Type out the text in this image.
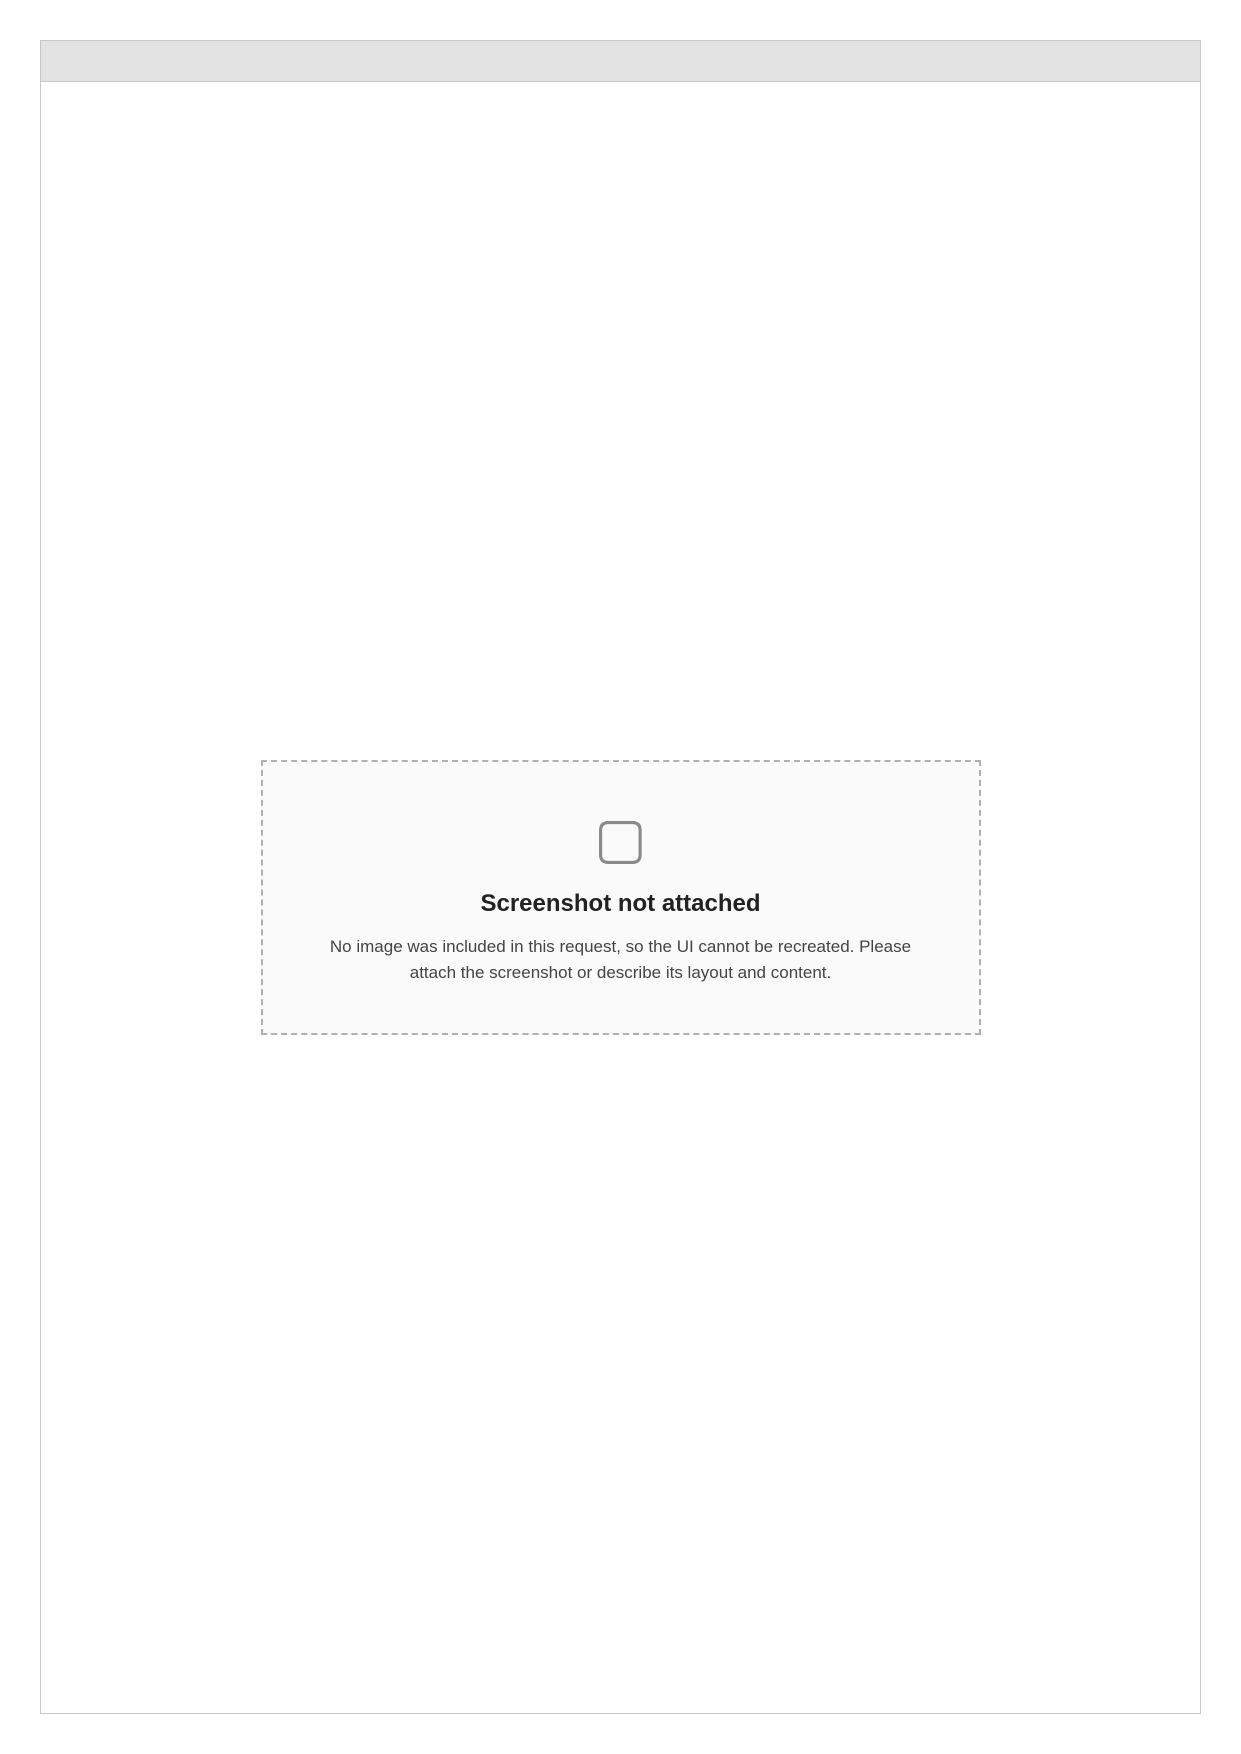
▢
Screenshot not attached

No image was included in this request, so the UI cannot be recreated. Please attach the screenshot or describe its layout and content.
